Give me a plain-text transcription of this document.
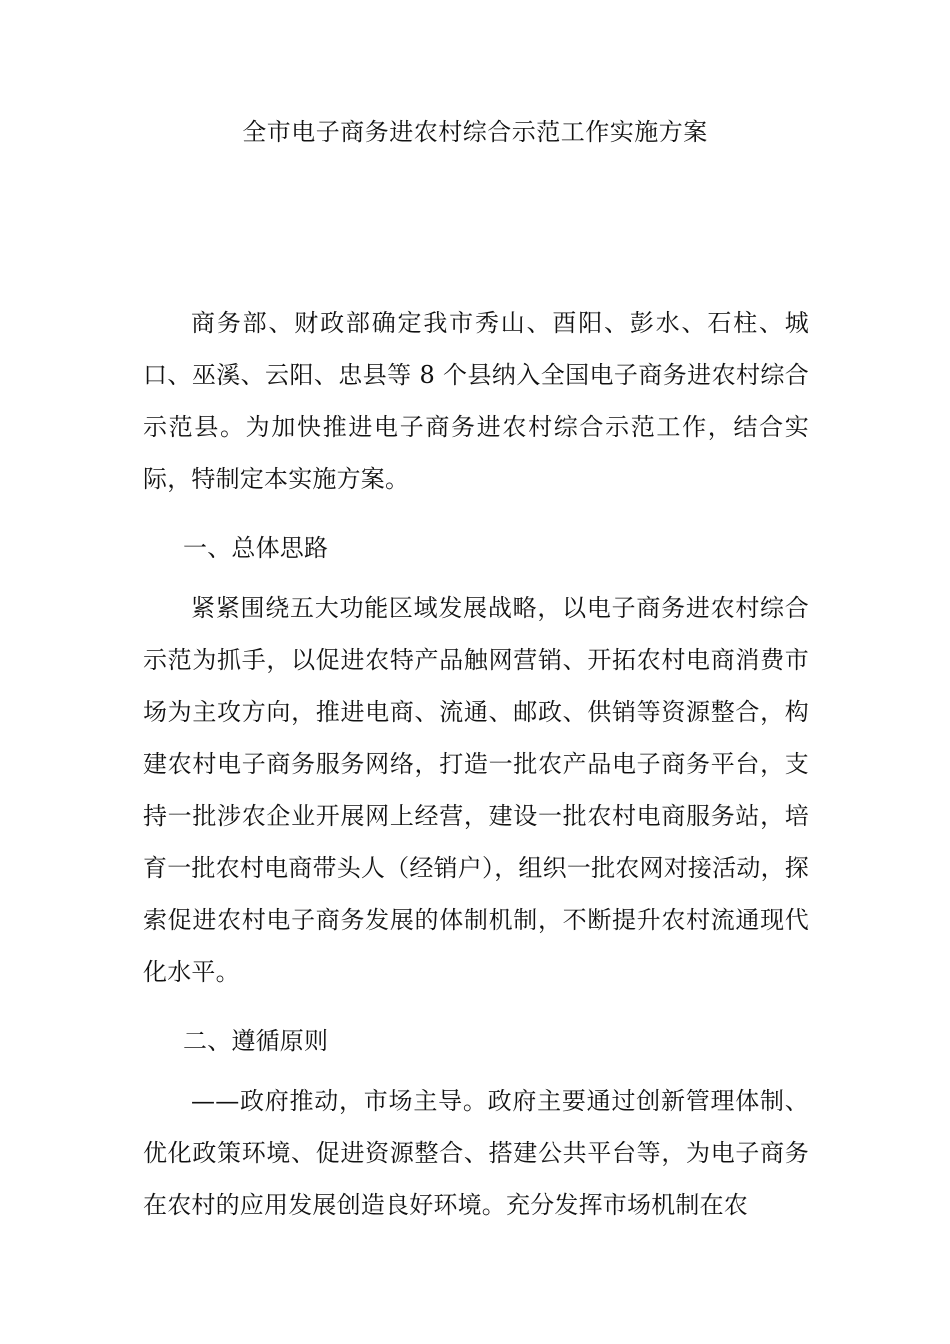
全市电子商务进农村综合示范工作实施方案

商务部、财政部确定我市秀山、酉阳、彭水、石柱、城口、巫溪、云阳、忠县等 8 个县纳入全国电子商务进农村综合示范县。为加快推进电子商务进农村综合示范工作，结合实际，特制定本实施方案。

一、总体思路

紧紧围绕五大功能区域发展战略，以电子商务进农村综合示范为抓手，以促进农特产品触网营销、开拓农村电商消费市场为主攻方向，推进电商、流通、邮政、供销等资源整合，构建农村电子商务服务网络，打造一批农产品电子商务平台，支持一批涉农企业开展网上经营，建设一批农村电商服务站，培育一批农村电商带头人（经销户），组织一批农网对接活动，探索促进农村电子商务发展的体制机制，不断提升农村流通现代化水平。

二、遵循原则

——政府推动，市场主导。政府主要通过创新管理体制、优化政策环境、促进资源整合、搭建公共平台等，为电子商务在农村的应用发展创造良好环境。充分发挥市场机制在农
